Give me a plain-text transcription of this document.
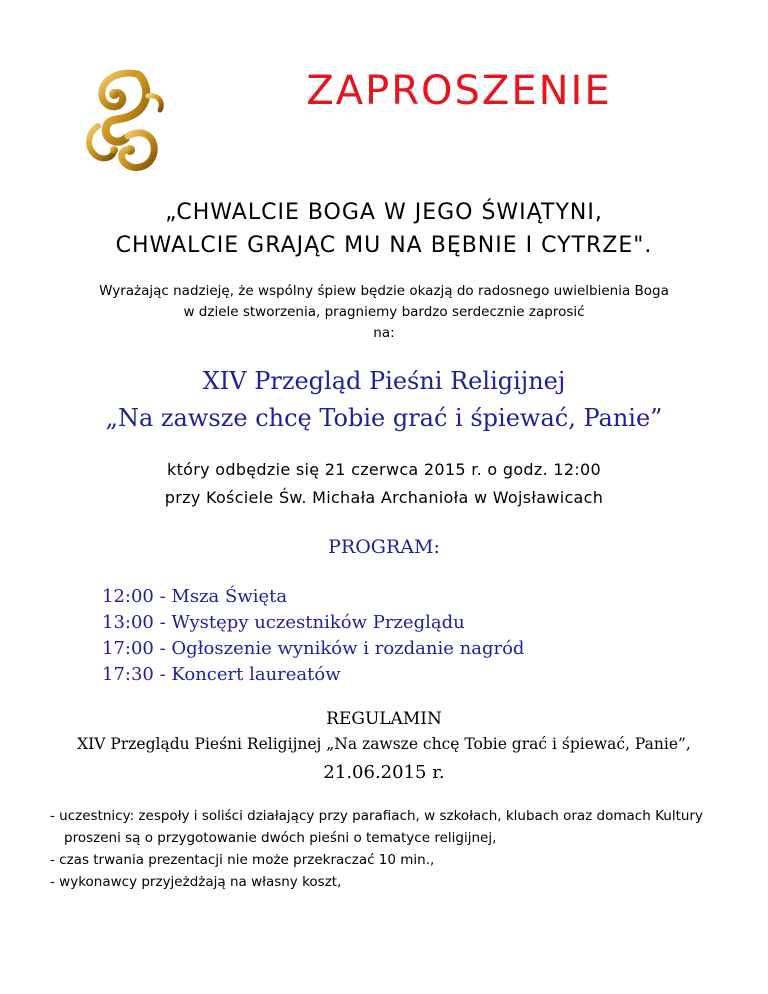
ZAPROSZENIE
„CHWALCIE BOGA W JEGO ŚWIĄTYNI,
CHWALCIE GRAJĄC MU NA BĘBNIE I CYTRZE".
Wyrażając nadzieję, że wspólny śpiew będzie okazją do radosnego uwielbienia Boga
w dziele stworzenia, pragniemy bardzo serdecznie zaprosić
na:
XIV Przegląd Pieśni Religijnej
„Na zawsze chcę Tobie grać i śpiewać, Panie”
który odbędzie się 21 czerwca 2015 r. o godz. 12:00
przy Kościele Św. Michała Archanioła w Wojsławicach
PROGRAM:
12:00 - Msza Święta
13:00 - Występy uczestników Przeglądu
17:00 - Ogłoszenie wyników i rozdanie nagród
17:30 - Koncert laureatów
REGULAMIN
XIV Przeglądu Pieśni Religijnej „Na zawsze chcę Tobie grać i śpiewać, Panie”,
21.06.2015 r.
- uczestnicy: zespoły i soliści działający przy parafiach, w szkołach, klubach oraz domach Kultury proszeni są o przygotowanie dwóch pieśni o tematyce religijnej,
- czas trwania prezentacji nie może przekraczać 10 min.,
- wykonawcy przyjeżdżają na własny koszt,
